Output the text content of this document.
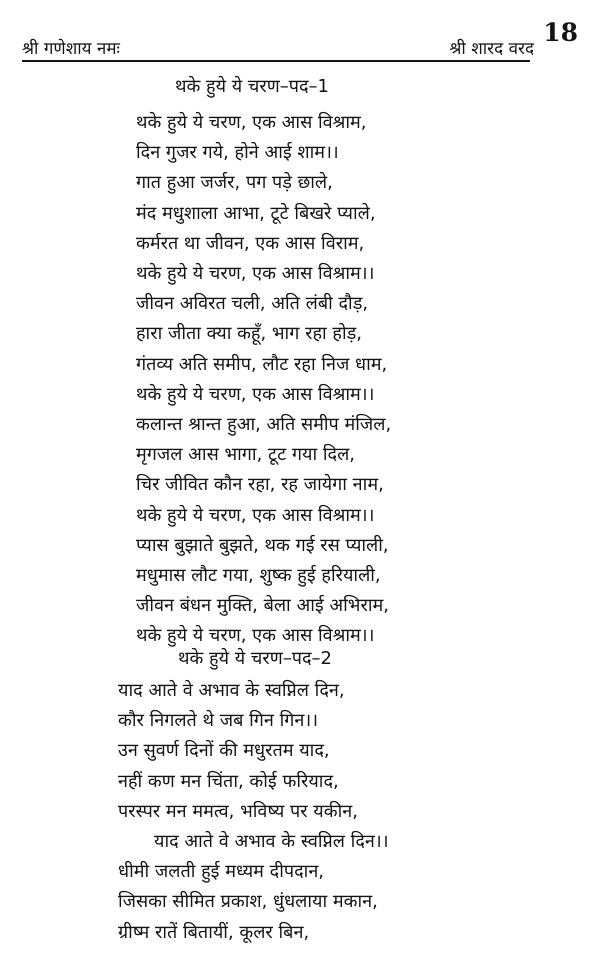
श्री गणेशाय नमः	श्री शारद वरद
18
थके हुये ये चरण–पद–1
थके हुये ये चरण, एक आस विश्राम,
दिन गुजर गये, होने आई शाम।।
गात हुआ जर्जर, पग पड़े छाले,
मंद मधुशाला आभा, टूटे बिखरे प्याले,
कर्मरत था जीवन, एक आस विराम,
थके हुये ये चरण, एक आस विश्राम।।
जीवन अविरत चली, अति लंबी दौड़,
हारा जीता क्या कहूँ, भाग रहा होड़,
गंतव्य अति समीप, लौट रहा निज धाम,
थके हुये ये चरण, एक आस विश्राम।।
कलान्त श्रान्त हुआ, अति समीप मंजिल,
मृगजल आस भागा, टूट गया दिल,
चिर जीवित कौन रहा, रह जायेगा नाम,
थके हुये ये चरण, एक आस विश्राम।।
प्यास बुझाते बुझते, थक गई रस प्याली,
मधुमास लौट गया, शुष्क हुई हरियाली,
जीवन बंधन मुक्ति, बेला आई अभिराम,
थके हुये ये चरण, एक आस विश्राम।।
थके हुये ये चरण–पद–2
याद आते वे अभाव के स्वप्निल दिन,
कौर निगलते थे जब गिन गिन।।
उन सुवर्ण दिनों की मधुरतम याद,
नहीं कण मन चिंता, कोई फरियाद,
परस्पर मन ममत्व, भविष्य पर यकीन,
याद आते वे अभाव के स्वप्निल दिन।।
धीमी जलती हुई मध्यम दीपदान,
जिसका सीमित प्रकाश, धुंधलाया मकान,
ग्रीष्म रातें बितायीं, कूलर बिन,
